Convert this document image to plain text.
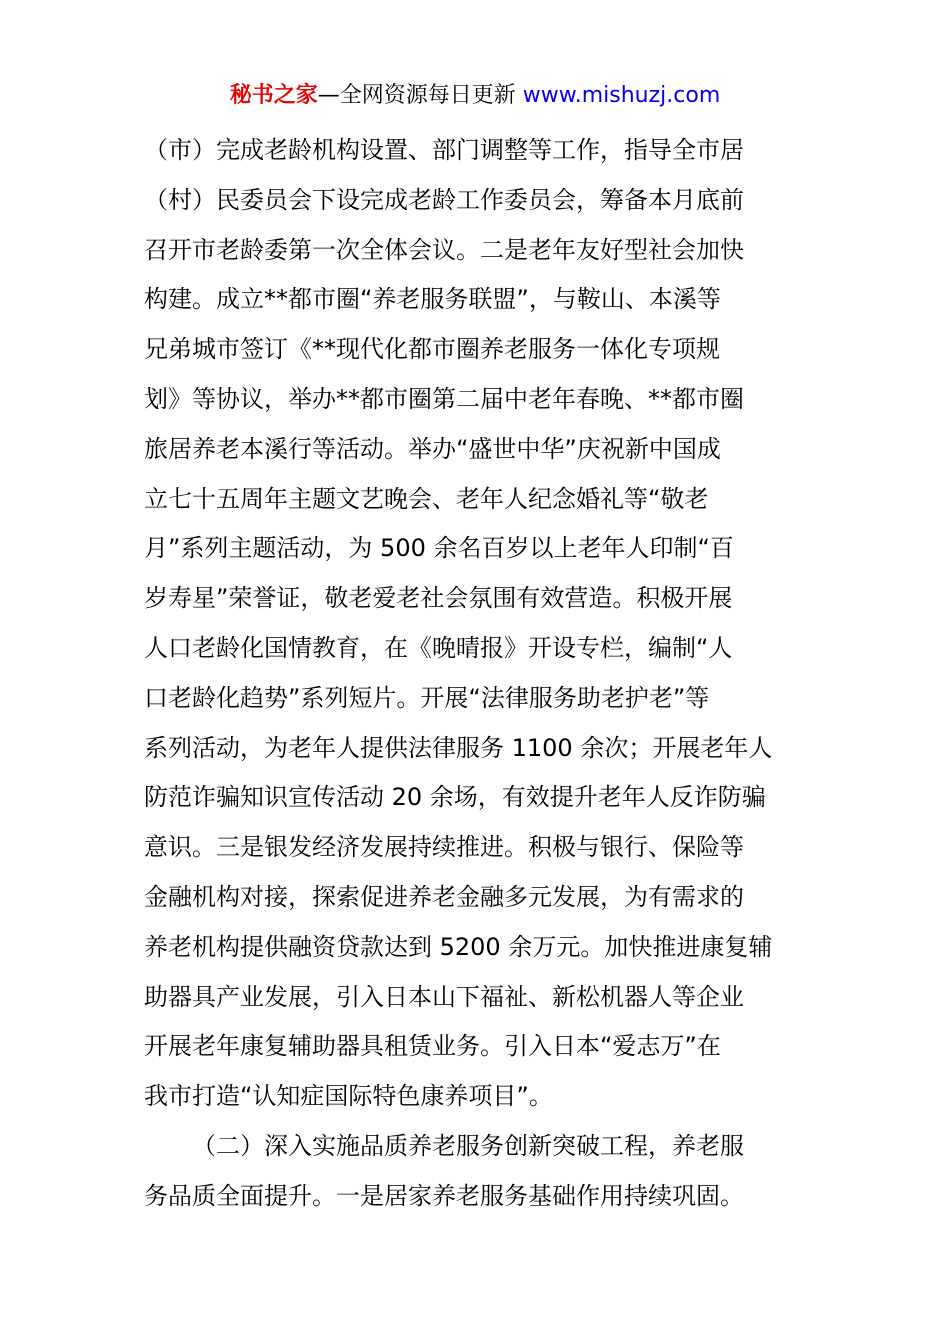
秘书之家—全网资源每日更新 www.mishuzj.com
（市）完成老龄机构设置、部门调整等工作，指导全市居
（村）民委员会下设完成老龄工作委员会，筹备本月底前
召开市老龄委第一次全体会议。二是老年友好型社会加快
构建。成立**都市圈“养老服务联盟”，与鞍山、本溪等
兄弟城市签订《**现代化都市圈养老服务一体化专项规
划》等协议，举办**都市圈第二届中老年春晚、**都市圈
旅居养老本溪行等活动。举办“盛世中华”庆祝新中国成
立七十五周年主题文艺晚会、老年人纪念婚礼等“敬老
月”系列主题活动，为 500 余名百岁以上老年人印制“百
岁寿星”荣誉证，敬老爱老社会氛围有效营造。积极开展
人口老龄化国情教育，在《晚晴报》开设专栏，编制“人
口老龄化趋势”系列短片。开展“法律服务助老护老”等
系列活动，为老年人提供法律服务 1100 余次；开展老年人
防范诈骗知识宣传活动 20 余场，有效提升老年人反诈防骗
意识。三是银发经济发展持续推进。积极与银行、保险等
金融机构对接，探索促进养老金融多元发展，为有需求的
养老机构提供融资贷款达到 5200 余万元。加快推进康复辅
助器具产业发展，引入日本山下福祉、新松机器人等企业
开展老年康复辅助器具租赁业务。引入日本“爱志万”在
我市打造“认知症国际特色康养项目”。
（二）深入实施品质养老服务创新突破工程，养老服
务品质全面提升。一是居家养老服务基础作用持续巩固。
